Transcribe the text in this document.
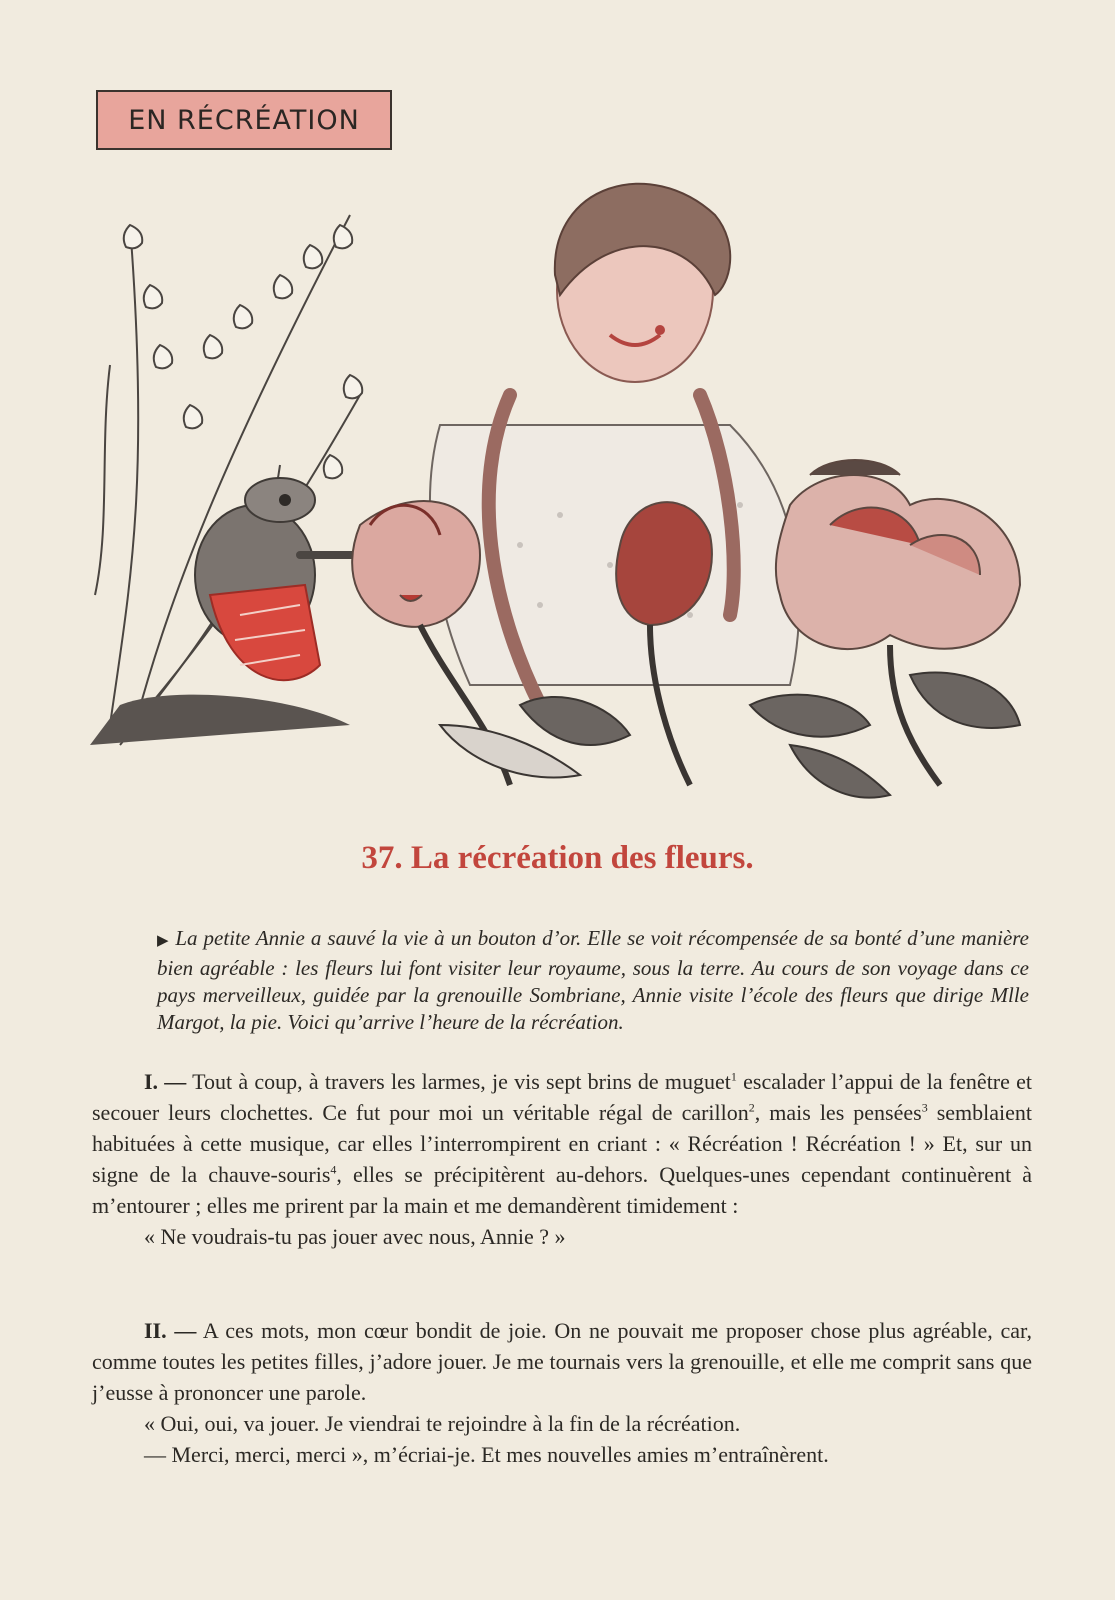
EN RÉCRÉATION
37. La récréation des fleurs.
▶ La petite Annie a sauvé la vie à un bouton d’or. Elle se voit récompensée de sa bonté d’une manière bien agréable : les fleurs lui font visiter leur royaume, sous la terre. Au cours de son voyage dans ce pays merveilleux, guidée par la grenouille Sombriane, Annie visite l’école des fleurs que dirige Mlle Margot, la pie. Voici qu’arrive l’heure de la récréation.

I. — Tout à coup, à travers les larmes, je vis sept brins de muguet$^1$ escalader l’appui de la fenêtre et secouer leurs clochettes. Ce fut pour moi un véritable régal de carillon$^2$, mais les pensées$^3$ semblaient habituées à cette musique, car elles l’interrompirent en criant : « Récréation ! Récréation ! » Et, sur un signe de la chauve-souris$^4$, elles se précipitèrent au-dehors. Quelques-unes cependant continuèrent à m’entourer ; elles me prirent par la main et me demandèrent timidement :

« Ne voudrais-tu pas jouer avec nous, Annie ? »

II. — A ces mots, mon cœur bondit de joie. On ne pouvait me proposer chose plus agréable, car, comme toutes les petites filles, j’adore jouer. Je me tournais vers la grenouille, et elle me comprit sans que j’eusse à prononcer une parole.

« Oui, oui, va jouer. Je viendrai te rejoindre à la fin de la récréation.

— Merci, merci, merci », m’écriai-je. Et mes nouvelles amies m’entraînèrent.
